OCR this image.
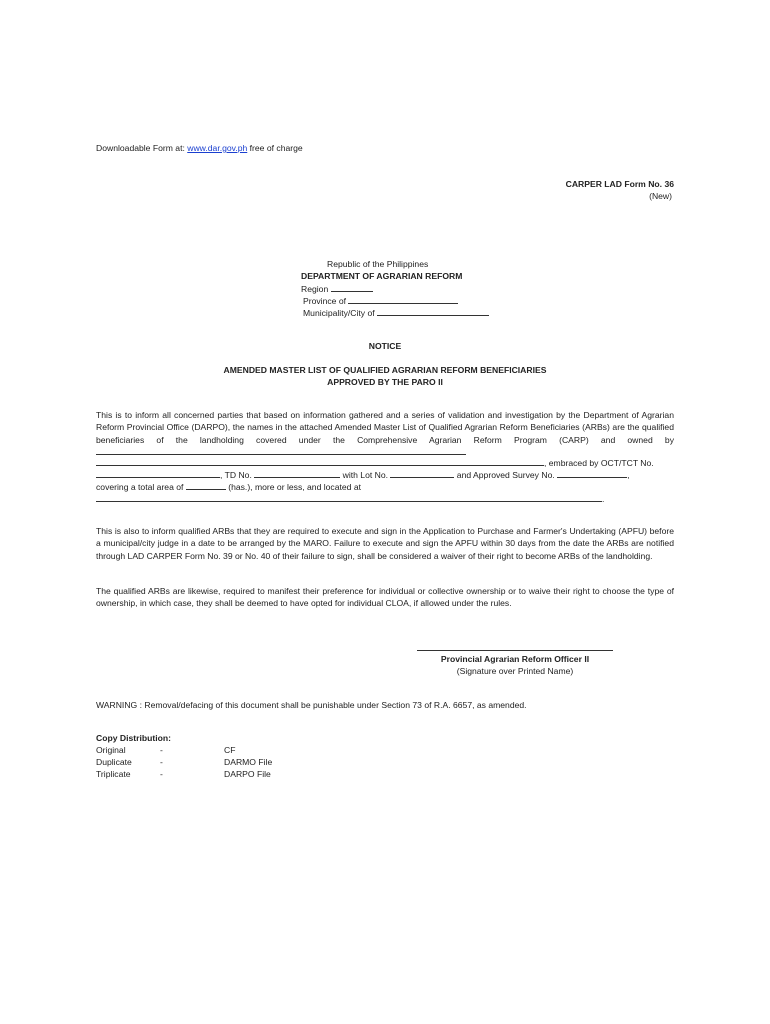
Downloadable Form at: www.dar.gov.ph free of charge
CARPER LAD Form No. 36
(New)
Republic of the Philippines
DEPARTMENT OF AGRARIAN REFORM
Region
Province of
Municipality/City of
NOTICE
AMENDED MASTER LIST OF QUALIFIED AGRARIAN REFORM BENEFICIARIES
APPROVED BY THE PARO II
This is to inform all concerned parties that based on information gathered and a series of validation and investigation by the Department of Agrarian Reform Provincial Office (DARPO), the names in the attached Amended Master List of Qualified Agrarian Reform Beneficiaries (ARBs) are the qualified beneficiaries of the landholding covered under the Comprehensive Agrarian Reform Program (CARP) and owned by
, embraced by OCT/TCT No.
, TD No.	with Lot No.	and Approved Survey No.	,
covering a total area of	(has.), more or less, and located at
.
This is also to inform qualified ARBs that they are required to execute and sign in the Application to Purchase and Farmer's Undertaking (APFU) before a municipal/city judge in a date to be arranged by the MARO. Failure to execute and sign the APFU within 30 days from the date the ARBs are notified through LAD CARPER Form No. 39 or No. 40 of their failure to sign, shall be considered a waiver of their right to become ARBs of the landholding.
The qualified ARBs are likewise, required to manifest their preference for individual or collective ownership or to waive their right to choose the type of ownership, in which case, they shall be deemed to have opted for individual CLOA, if allowed under the rules.
Provincial Agrarian Reform Officer II
(Signature over Printed Name)
WARNING : Removal/defacing of this document shall be punishable under Section 73 of R.A. 6657, as amended.
Copy Distribution:
Original	-	CF
Duplicate	-	DARMO File
Triplicate	-	DARPO File
